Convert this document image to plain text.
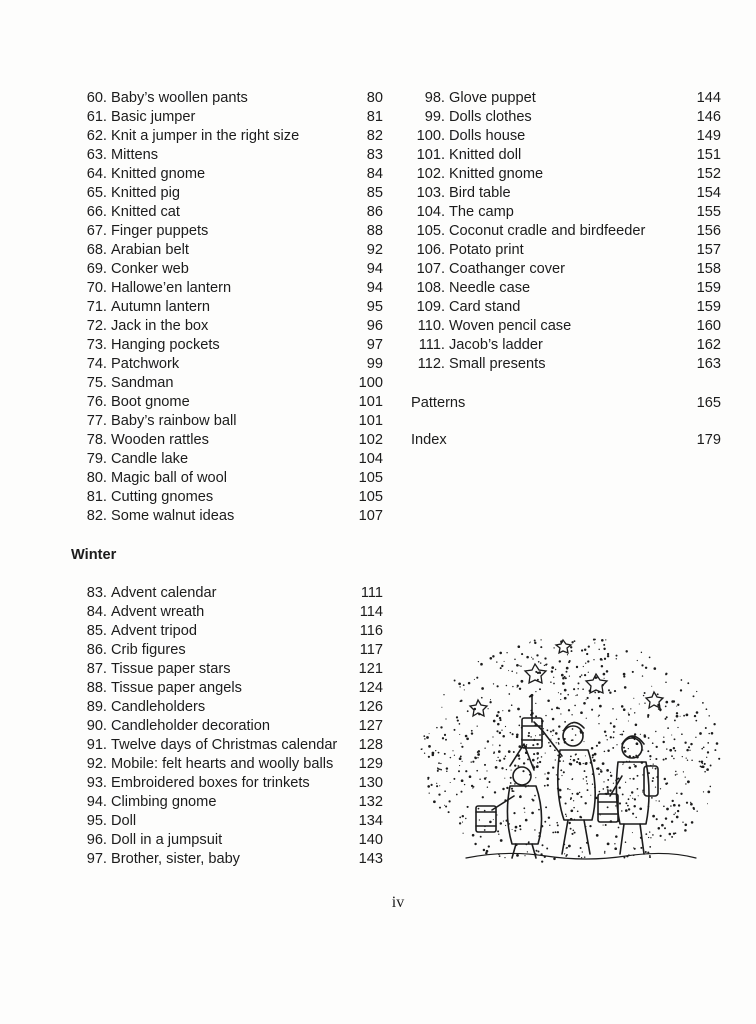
60. Baby’s woollen pants	80
61. Basic jumper	81
62. Knit a jumper in the right size	82
63. Mittens	83
64. Knitted gnome	84
65. Knitted pig	85
66. Knitted cat	86
67. Finger puppets	88
68. Arabian belt	92
69. Conker web	94
70. Hallowe’en lantern	94
71. Autumn lantern	95
72. Jack in the box	96
73. Hanging pockets	97
74. Patchwork	99
75. Sandman	100
76. Boot gnome	101
77. Baby’s rainbow ball	101
78. Wooden rattles	102
79. Candle lake	104
80. Magic ball of wool	105
81. Cutting gnomes	105
82. Some walnut ideas	107
83. Advent calendar	111
84. Advent wreath	114
85. Advent tripod	116
86. Crib figures	117
87. Tissue paper stars	121
88. Tissue paper angels	124
89. Candleholders	126
90. Candleholder decoration	127
91. Twelve days of Christmas calendar 128
92. Mobile: felt hearts and woolly balls 129
93. Embroidered boxes for trinkets	130
94. Climbing gnome	132
95. Doll	134
96. Doll in a jumpsuit	140
97. Brother, sister, baby	143
Winter
98. Glove puppet	144
99. Dolls clothes	146
100. Dolls house	149
101. Knitted doll	151
102. Knitted gnome	152
103. Bird table	154
104. The camp	155
105. Coconut cradle and birdfeeder	156
106. Potato print	157
107. Coathanger cover	158
108. Needle case	159
109. Card stand	159
110. Woven pencil case	160
111. Jacob’s ladder	162
112. Small presents	163
Patterns	165
Index	179
iv
